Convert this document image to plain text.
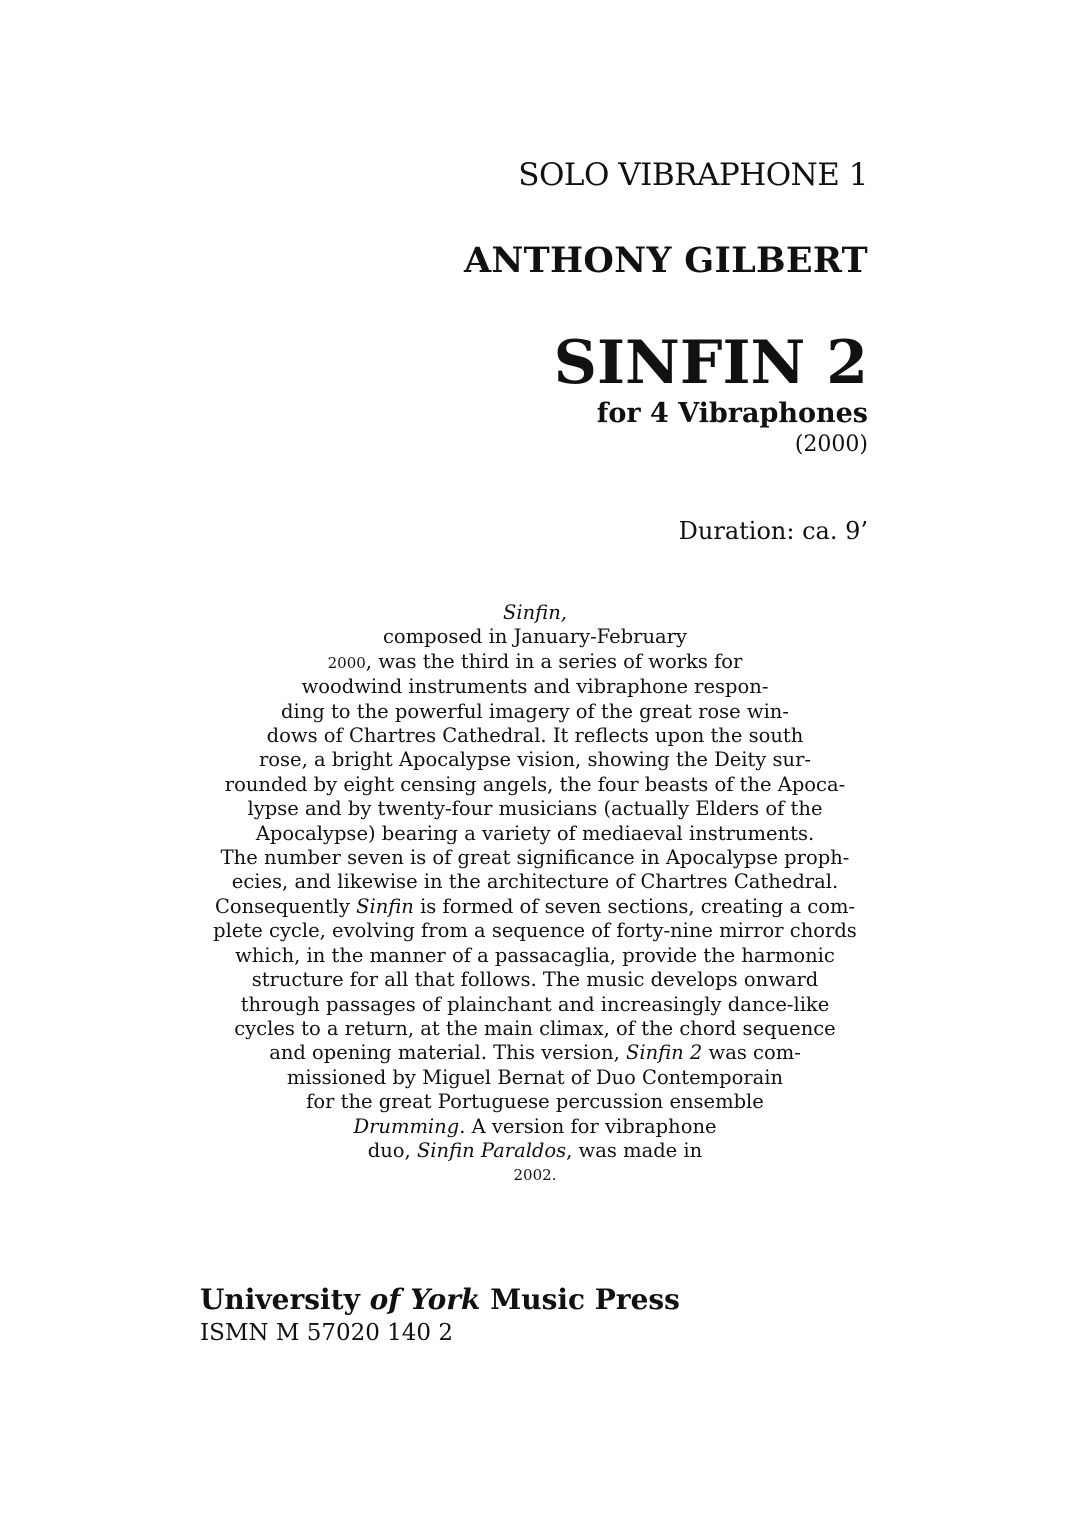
SOLO VIBRAPHONE 1
ANTHONY GILBERT
SINFIN 2
for 4 Vibraphones
(2000)
Duration: ca. 9’
Sinfin,
composed in January-February
2000, was the third in a series of works for
woodwind instruments and vibraphone respon-
ding to the powerful imagery of the great rose win-
dows of Chartres Cathedral. It reflects upon the south
rose, a bright Apocalypse vision, showing the Deity sur-
rounded by eight censing angels, the four beasts of the Apoca-
lypse and by twenty-four musicians (actually Elders of the
Apocalypse) bearing a variety of mediaeval instruments.
The number seven is of great significance in Apocalypse proph-
ecies, and likewise in the architecture of Chartres Cathedral.
Consequently Sinfin is formed of seven sections, creating a com-
plete cycle, evolving from a sequence of forty-nine mirror chords
which, in the manner of a passacaglia, provide the harmonic
structure for all that follows. The music develops onward
through passages of plainchant and increasingly dance-like
cycles to a return, at the main climax, of the chord sequence
and opening material. This version, Sinfin 2 was com-
missioned by Miguel Bernat of Duo Contemporain
for the great Portuguese percussion ensemble
Drumming. A version for vibraphone
duo, Sinfin Paraldos, was made in
2002.
University of York Music Press
ISMN M 57020 140 2
